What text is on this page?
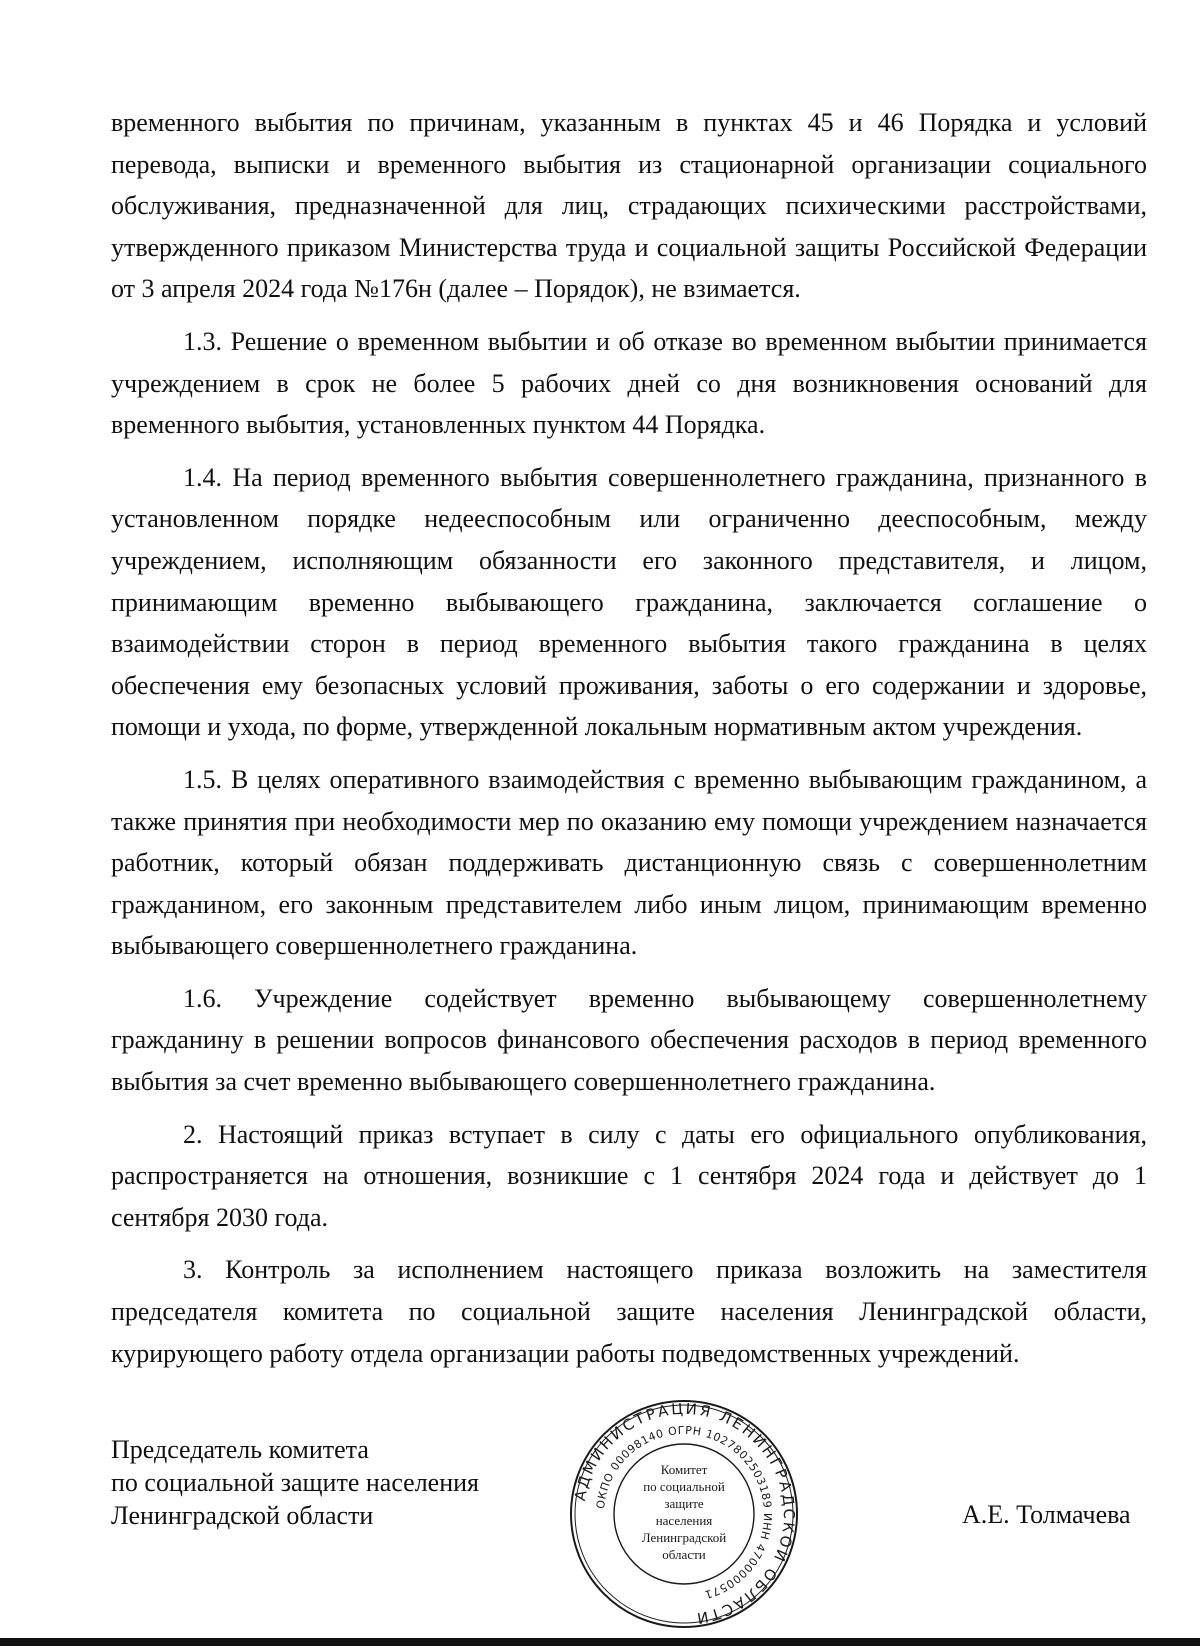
временного выбытия по причинам, указанным в пунктах 45 и 46 Порядка и условий перевода, выписки и временного выбытия из стационарной организации социального обслуживания, предназначенной для лиц, страдающих психическими расстройствами, утвержденного приказом Министерства труда и социальной защиты Российской Федерации от 3 апреля 2024 года №176н (далее – Порядок), не взимается.

1.3. Решение о временном выбытии и об отказе во временном выбытии принимается учреждением в срок не более 5 рабочих дней со дня возникновения оснований для временного выбытия, установленных пунктом 44 Порядка.

1.4. На период временного выбытия совершеннолетнего гражданина, признанного в установленном порядке недееспособным или ограниченно дееспособным, между учреждением, исполняющим обязанности его законного представителя, и лицом, принимающим временно выбывающего гражданина, заключается соглашение о взаимодействии сторон в период временного выбытия такого гражданина в целях обеспечения ему безопасных условий проживания, заботы о его содержании и здоровье, помощи и ухода, по форме, утвержденной локальным нормативным актом учреждения.

1.5. В целях оперативного взаимодействия с временно выбывающим гражданином, а также принятия при необходимости мер по оказанию ему помощи учреждением назначается работник, который обязан поддерживать дистанционную связь с совершеннолетним гражданином, его законным представителем либо иным лицом, принимающим временно выбывающего совершеннолетнего гражданина.

1.6. Учреждение содействует временно выбывающему совершеннолетнему гражданину в решении вопросов финансового обеспечения расходов в период временного выбытия за счет временно выбывающего совершеннолетнего гражданина.

2. Настоящий приказ вступает в силу с даты его официального опубликования, распространяется на отношения, возникшие с 1 сентября 2024 года и действует до 1 сентября 2030 года.

3. Контроль за исполнением настоящего приказа возложить на заместителя председателя комитета по социальной защите населения Ленинградской области, курирующего работу отдела организации работы подведомственных учреждений.

Председатель комитета
по социальной защите населения
Ленинградской области
АДМИНИСТРАЦИЯ ЛЕНИНГРАДСКОЙ ОБЛАСТИ
ОКПО 00098140 ОГРН 1027802503189 ИНН 4700000571
Комитет
по социальной
защите
населения
Ленинградской
области
А.Е. Толмачева
